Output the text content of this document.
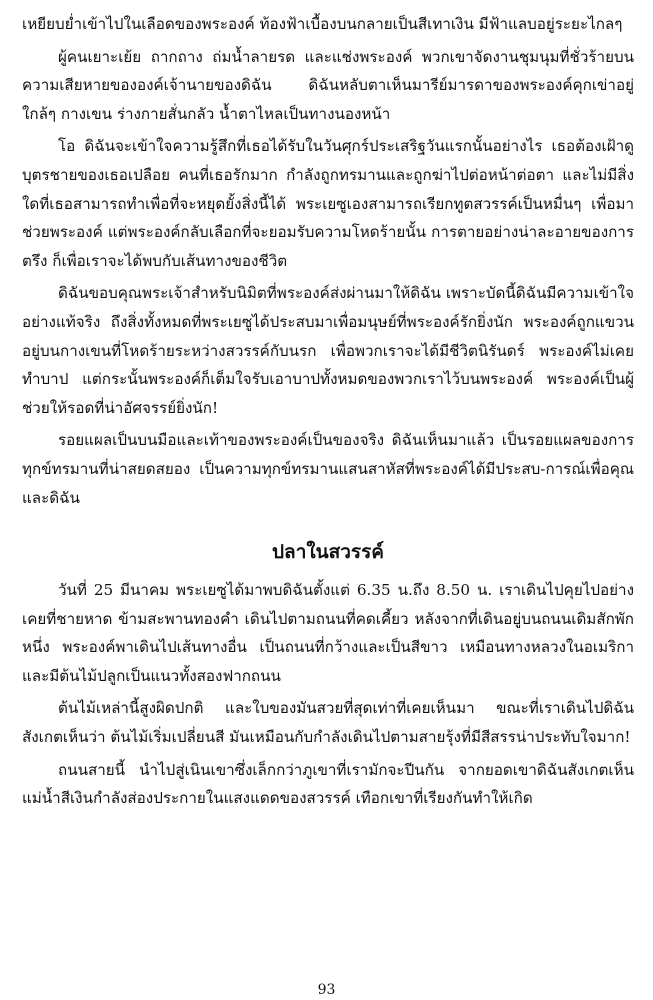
เหยียบย่ำเข้าไปในเลือดของพระองค์ ท้องฟ้าเบื้องบนกลายเป็นสีเทาเงิน มีฟ้าแลบอยู่ระยะไกลๆ

ผู้คนเยาะเย้ย ถากถาง ถ่มน้ำลายรด และแช่งพระองค์ พวกเขาจัดงานชุมนุมที่ชั่วร้ายบนความเสียหายขององค์เจ้านายของดิฉัน ดิฉันหลับตาเห็นมารีย์มารดาของพระองค์คุกเข่าอยู่ใกล้ๆ กางเขน ร่างกายสั่นกลัว น้ำตาไหลเป็นทางนองหน้า

โอ ดิฉันจะเข้าใจความรู้สึกที่เธอได้รับในวันศุกร์ประเสริฐวันแรกนั้นอย่างไร เธอต้องเฝ้าดูบุตรชายของเธอเปลือย คนที่เธอรักมาก กำลังถูกทรมานและถูกฆ่าไปต่อหน้าต่อตา และไม่มีสิ่งใดที่เธอสามารถทำเพื่อที่จะหยุดยั้งสิ่งนี้ได้ พระเยซูเองสามารถเรียกทูตสวรรค์เป็นหมื่นๆ เพื่อมาช่วยพระองค์ แต่พระองค์กลับเลือกที่จะยอมรับความโหดร้ายนั้น การตายอย่างน่าละอายของการตรึง ก็เพื่อเราจะได้พบกับเส้นทางของชีวิต

ดิฉันขอบคุณพระเจ้าสำหรับนิมิตที่พระองค์ส่งผ่านมาให้ดิฉัน เพราะบัดนี้ดิฉันมีความเข้าใจอย่างแท้จริง ถึงสิ่งทั้งหมดที่พระเยซูได้ประสบมาเพื่อมนุษย์ที่พระองค์รักยิ่งนัก พระองค์ถูกแขวนอยู่บนกางเขนที่โหดร้ายระหว่างสวรรค์กับนรก เพื่อพวกเราจะได้มีชีวิตนิรันดร์ พระองค์ไม่เคยทำบาป แต่กระนั้นพระองค์ก็เต็มใจรับเอาบาปทั้งหมดของพวกเราไว้บนพระองค์ พระองค์เป็นผู้ช่วยให้รอดที่น่าอัศจรรย์ยิ่งนัก!

รอยแผลเป็นบนมือและเท้าของพระองค์เป็นของจริง ดิฉันเห็นมาแล้ว เป็นรอยแผลของการทุกข์ทรมานที่น่าสยดสยอง เป็นความทุกข์ทรมานแสนสาหัสที่พระองค์ได้มีประสบ-การณ์เพื่อคุณและดิฉัน

ปลาในสวรรค์

วันที่ 25 มีนาคม พระเยซูได้มาพบดิฉันตั้งแต่ 6.35 น.ถึง 8.50 น. เราเดินไปคุยไปอย่างเคยที่ชายหาด ข้ามสะพานทองคำ เดินไปตามถนนที่คดเคี้ยว หลังจากที่เดินอยู่บนถนนเดิมสักพักหนึ่ง พระองค์พาเดินไปเส้นทางอื่น เป็นถนนที่กว้างและเป็นสีขาว เหมือนทางหลวงในอเมริกา และมีต้นไม้ปลูกเป็นแนวทั้งสองฟากถนน

ต้นไม้เหล่านี้สูงผิดปกติ และใบของมันสวยที่สุดเท่าที่เคยเห็นมา ขณะที่เราเดินไปดิฉันสังเกตเห็นว่า ต้นไม้เริ่มเปลี่ยนสี มันเหมือนกับกำลังเดินไปตามสายรุ้งที่มีสีสรรน่าประทับใจมาก!

ถนนสายนี้ นำไปสู่เนินเขาซึ่งเล็กกว่าภูเขาที่เรามักจะปีนกัน จากยอดเขาดิฉันสังเกตเห็นแม่น้ำสีเงินกำลังส่องประกายในแสงแดดของสวรรค์ เทือกเขาที่เรียงกันทำให้เกิด

93
